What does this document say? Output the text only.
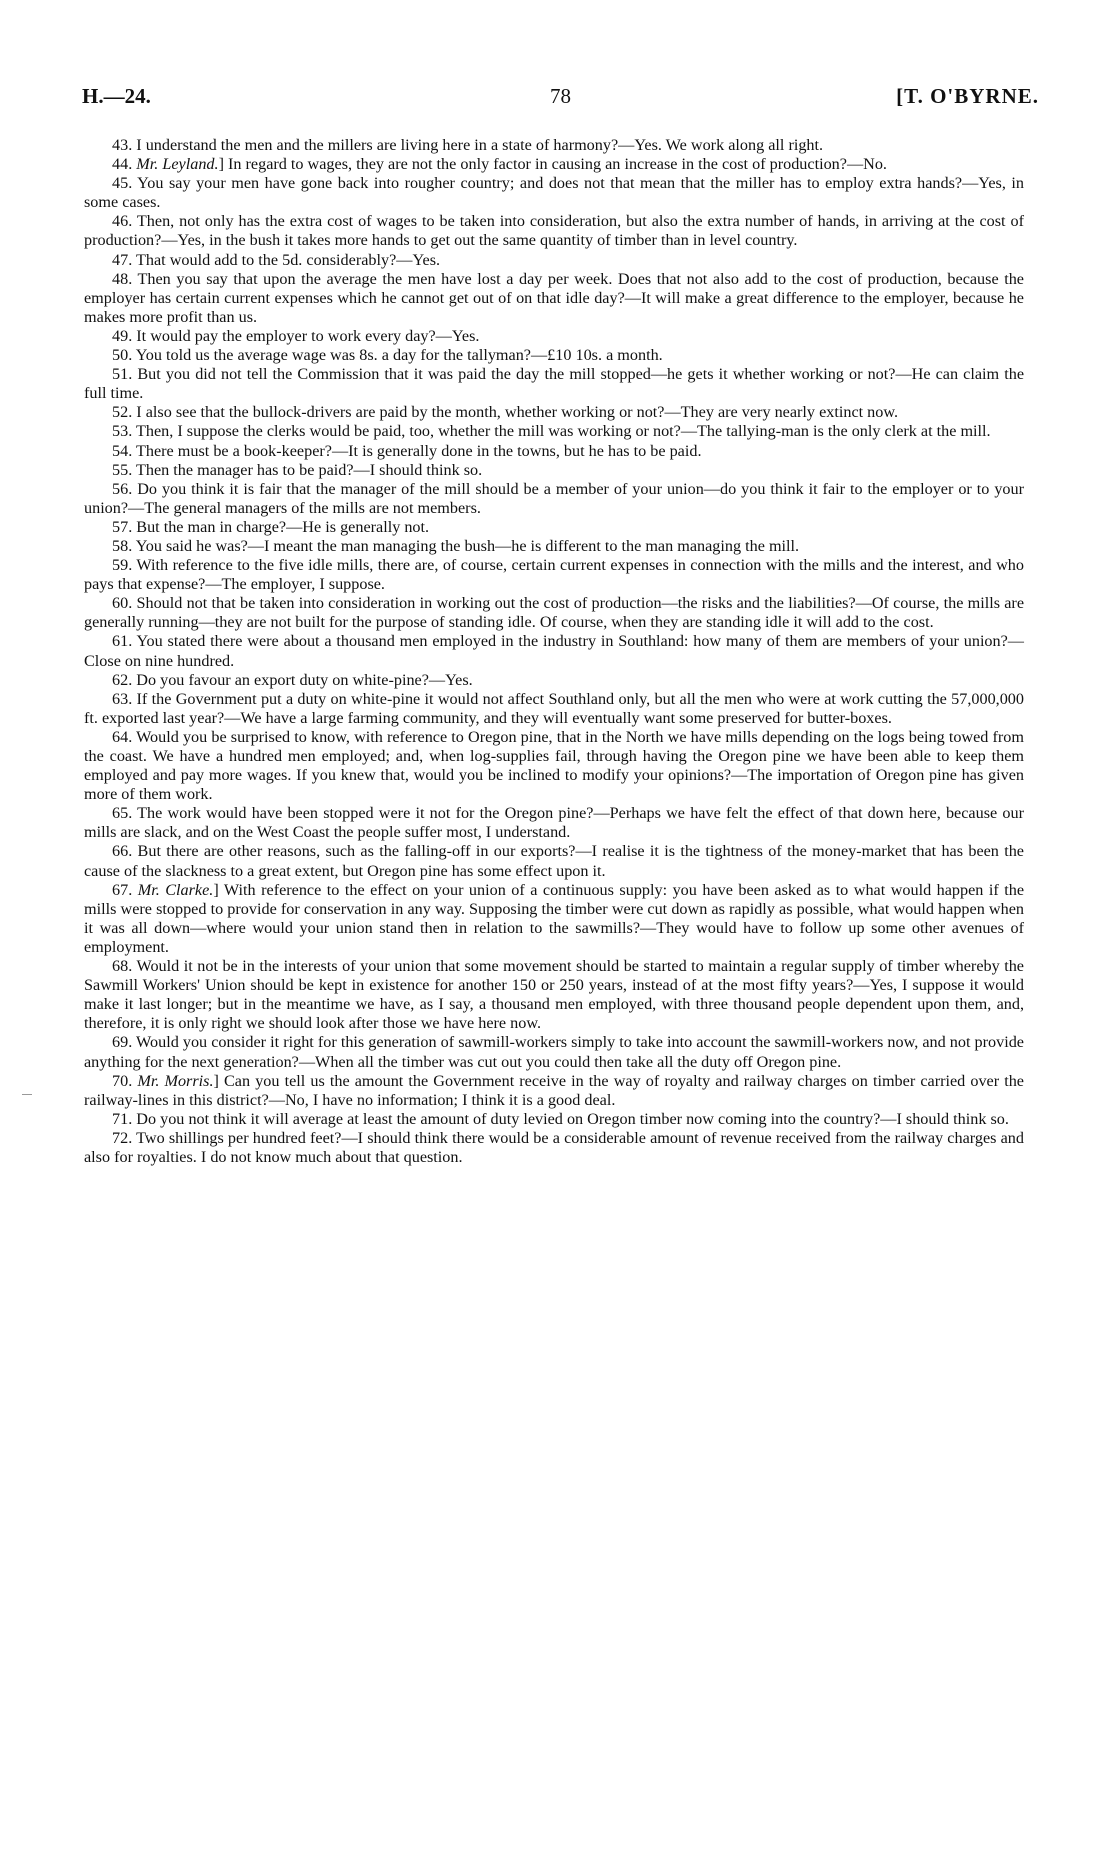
H.—24.	78	[T. O'BYRNE.

43. I understand the men and the millers are living here in a state of harmony?—Yes. We work along all right.

44. Mr. Leyland.] In regard to wages, they are not the only factor in causing an increase in the cost of production?—No.

45. You say your men have gone back into rougher country; and does not that mean that the miller has to employ extra hands?—Yes, in some cases.

46. Then, not only has the extra cost of wages to be taken into consideration, but also the extra number of hands, in arriving at the cost of production?—Yes, in the bush it takes more hands to get out the same quantity of timber than in level country.

47. That would add to the 5d. considerably?—Yes.

48. Then you say that upon the average the men have lost a day per week. Does that not also add to the cost of production, because the employer has certain current expenses which he cannot get out of on that idle day?—It will make a great difference to the employer, because he makes more profit than us.

49. It would pay the employer to work every day?—Yes.

50. You told us the average wage was 8s. a day for the tallyman?—£10 10s. a month.

51. But you did not tell the Commission that it was paid the day the mill stopped—he gets it whether working or not?—He can claim the full time.

52. I also see that the bullock-drivers are paid by the month, whether working or not?—They are very nearly extinct now.

53. Then, I suppose the clerks would be paid, too, whether the mill was working or not?—The tallying-man is the only clerk at the mill.

54. There must be a book-keeper?—It is generally done in the towns, but he has to be paid.

55. Then the manager has to be paid?—I should think so.

56. Do you think it is fair that the manager of the mill should be a member of your union—do you think it fair to the employer or to your union?—The general managers of the mills are not members.

57. But the man in charge?—He is generally not.

58. You said he was?—I meant the man managing the bush—he is different to the man managing the mill.

59. With reference to the five idle mills, there are, of course, certain current expenses in connection with the mills and the interest, and who pays that expense?—The employer, I suppose.

60. Should not that be taken into consideration in working out the cost of production—the risks and the liabilities?—Of course, the mills are generally running—they are not built for the purpose of standing idle. Of course, when they are standing idle it will add to the cost.

61. You stated there were about a thousand men employed in the industry in Southland: how many of them are members of your union?—Close on nine hundred.

62. Do you favour an export duty on white-pine?—Yes.

63. If the Government put a duty on white-pine it would not affect Southland only, but all the men who were at work cutting the 57,000,000 ft. exported last year?—We have a large farming community, and they will eventually want some preserved for butter-boxes.

64. Would you be surprised to know, with reference to Oregon pine, that in the North we have mills depending on the logs being towed from the coast. We have a hundred men employed; and, when log-supplies fail, through having the Oregon pine we have been able to keep them employed and pay more wages. If you knew that, would you be inclined to modify your opinions?—The importation of Oregon pine has given more of them work.

65. The work would have been stopped were it not for the Oregon pine?—Perhaps we have felt the effect of that down here, because our mills are slack, and on the West Coast the people suffer most, I understand.

66. But there are other reasons, such as the falling-off in our exports?—I realise it is the tightness of the money-market that has been the cause of the slackness to a great extent, but Oregon pine has some effect upon it.

67. Mr. Clarke.] With reference to the effect on your union of a continuous supply: you have been asked as to what would happen if the mills were stopped to provide for conservation in any way. Supposing the timber were cut down as rapidly as possible, what would happen when it was all down—where would your union stand then in relation to the sawmills?—They would have to follow up some other avenues of employment.

68. Would it not be in the interests of your union that some movement should be started to maintain a regular supply of timber whereby the Sawmill Workers' Union should be kept in existence for another 150 or 250 years, instead of at the most fifty years?—Yes, I suppose it would make it last longer; but in the meantime we have, as I say, a thousand men employed, with three thousand people dependent upon them, and, therefore, it is only right we should look after those we have here now.

69. Would you consider it right for this generation of sawmill-workers simply to take into account the sawmill-workers now, and not provide anything for the next generation?—When all the timber was cut out you could then take all the duty off Oregon pine.

70. Mr. Morris.] Can you tell us the amount the Government receive in the way of royalty and railway charges on timber carried over the railway-lines in this district?—No, I have no information; I think it is a good deal.

71. Do you not think it will average at least the amount of duty levied on Oregon timber now coming into the country?—I should think so.

72. Two shillings per hundred feet?—I should think there would be a considerable amount of revenue received from the railway charges and also for royalties. I do not know much about that question.
